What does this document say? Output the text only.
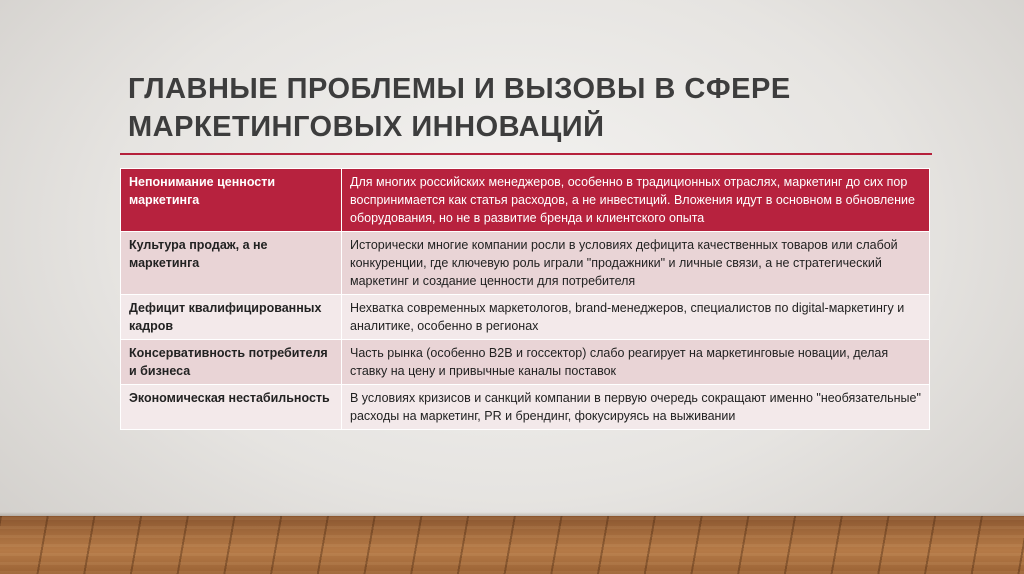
ГЛАВНЫЕ ПРОБЛЕМЫ И ВЫЗОВЫ В СФЕРЕ МАРКЕТИНГОВЫХ ИННОВАЦИЙ
Непонимание ценности маркетинга	Для многих российских менеджеров, особенно в традиционных отраслях, маркетинг до сих пор воспринимается как статья расходов, а не инвестиций. Вложения идут в основном в обновление оборудования, но не в развитие бренда и клиентского опыта
Культура продаж, а не маркетинга	Исторически многие компании росли в условиях дефицита качественных товаров или слабой конкуренции, где ключевую роль играли "продажники" и личные связи, а не стратегический маркетинг и создание ценности для потребителя
Дефицит квалифицированных кадров	Нехватка современных маркетологов, brand-менеджеров, специалистов по digital-маркетингу и аналитике, особенно в регионах
Консервативность потребителя и бизнеса	Часть рынка (особенно B2B и госсектор) слабо реагирует на маркетинговые новации, делая ставку на цену и привычные каналы поставок
Экономическая нестабильность	В условиях кризисов и санкций компании в первую очередь сокращают именно "необязательные" расходы на маркетинг, PR и брендинг, фокусируясь на выживании
